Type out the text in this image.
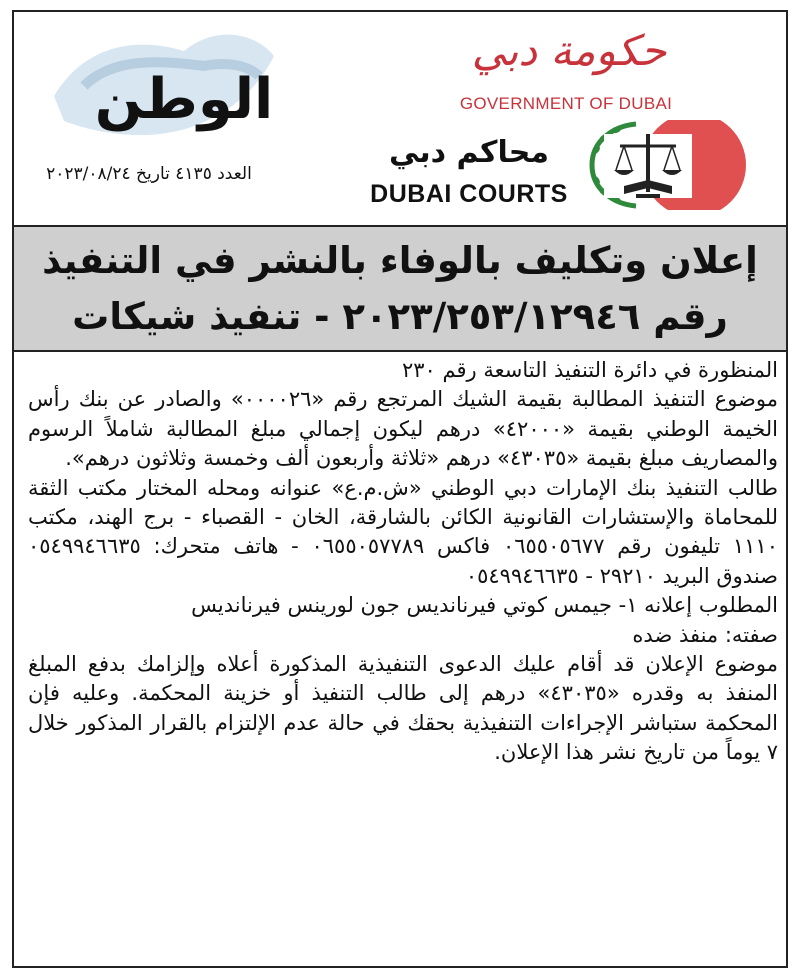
الوطن
العدد ٤١٣٥ تاريخ ٢٠٢٣/٠٨/٢٤
حكومة دبي
GOVERNMENT OF DUBAI
محاكم دبي
DUBAI COURTS
إعلان وتكليف بالوفاء بالنشر في التنفيذ
رقم ٢٠٢٣/٢٥٣/١٢٩٤٦ - تنفيذ شيكات

المنظورة في دائرة التنفيذ التاسعة رقم ٢٣٠

موضوع التنفيذ المطالبة بقيمة الشيك المرتجع رقم «٠٠٠٠٢٦» والصادر عن بنك رأس الخيمة الوطني بقيمة «٤٢٠٠٠» درهم ليكون إجمالي مبلغ المطالبة شاملاً الرسوم والمصاريف مبلغ بقيمة «٤٣٠٣٥» درهم «ثلاثة وأربعون ألف وخمسة وثلاثون درهم».

طالب التنفيذ بنك الإمارات دبي الوطني «ش.م.ع» عنوانه ومحله المختار مكتب الثقة للمحاماة والإستشارات القانونية الكائن بالشارقة، الخان - القصباء - برج الهند، مكتب ١١١٠ تليفون رقم ٠٦٥٥٠٥٦٧٧ فاكس ٠٦٥٥٠٥٧٧٨٩ - هاتف متحرك: ٠٥٤٩٩٤٦٦٣٥ صندوق البريد ٢٩٢١٠ - ٠٥٤٩٩٤٦٦٣٥

المطلوب إعلانه ١- جيمس كوتي فيرنانديس جون لورينس فيرنانديس

صفته: منفذ ضده

موضوع الإعلان قد أقام عليك الدعوى التنفيذية المذكورة أعلاه وإلزامك بدفع المبلغ المنفذ به وقدره «٤٣٠٣٥» درهم إلى طالب التنفيذ أو خزينة المحكمة. وعليه فإن المحكمة ستباشر الإجراءات التنفيذية بحقك في حالة عدم الإلتزام بالقرار المذكور خلال ٧ يوماً من تاريخ نشر هذا الإعلان.
